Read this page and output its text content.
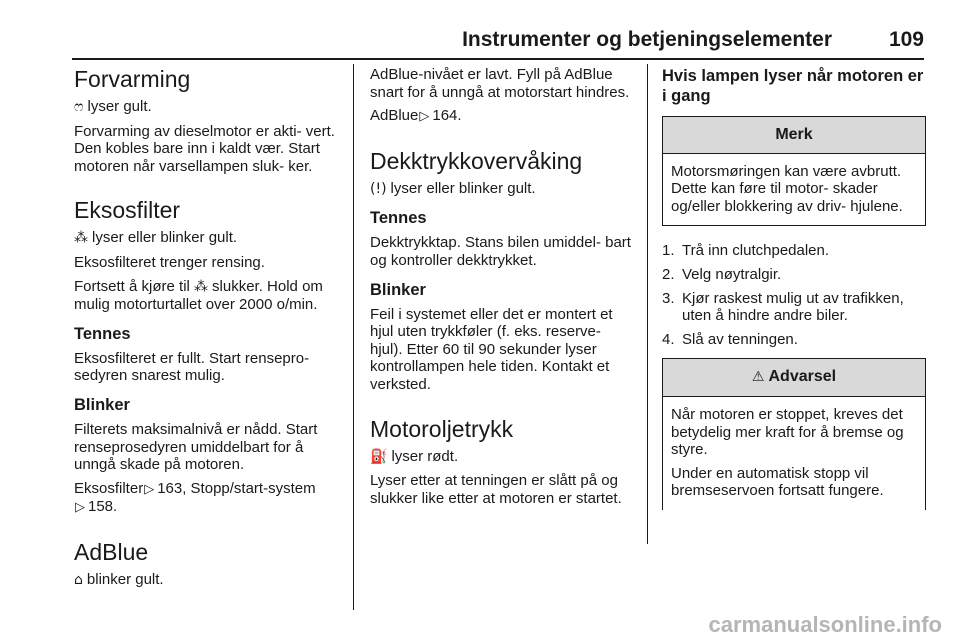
Instrumenter og betjeningselementer	109
Forvarming

ෆ lyser gult.

Forvarming av dieselmotor er akti- vert. Den kobles bare inn i kaldt vær. Start motoren når varsellampen sluk- ker.

Eksosfilter

⁂ lyser eller blinker gult.

Eksosfilteret trenger rensing.

Fortsett å kjøre til ⁂ slukker. Hold om mulig motorturtallet over 2000 o/min.

Tennes

Eksosfilteret er fullt. Start rensepro- sedyren snarest mulig.

Blinker

Filterets maksimalnivå er nådd. Start renseprosedyren umiddelbart for å unngå skade på motoren.

Eksosfilter▷ 163, Stopp/start-system
▷ 158.

AdBlue

⌂ blinker gult.

AdBlue-nivået er lavt. Fyll på AdBlue snart for å unngå at motorstart hindres.

AdBlue▷ 164.

Dekktrykkovervåking

(!) lyser eller blinker gult.

Tennes

Dekktrykktap. Stans bilen umiddel- bart og kontroller dekktrykket.

Blinker

Feil i systemet eller det er montert et hjul uten trykkføler (f. eks. reserve- hjul). Etter 60 til 90 sekunder lyser kontrollampen hele tiden. Kontakt et verksted.

Motoroljetrykk

⛽ lyser rødt.

Lyser etter at tenningen er slått på og slukker like etter at motoren er startet.

Hvis lampen lyser når motoren er i gang
Merk

Motorsmøringen kan være avbrutt. Dette kan føre til motor- skader og/eller blokkering av driv- hjulene.

1. Trå inn clutchpedalen.
2. Velg nøytralgir.
3. Kjør raskest mulig ut av trafikken, uten å hindre andre biler.
4. Slå av tenningen.
⚠ Advarsel

Når motoren er stoppet, kreves det betydelig mer kraft for å bremse og styre.

Under en automatisk stopp vil bremseservoen fortsatt fungere.

carmanualsonline.info
